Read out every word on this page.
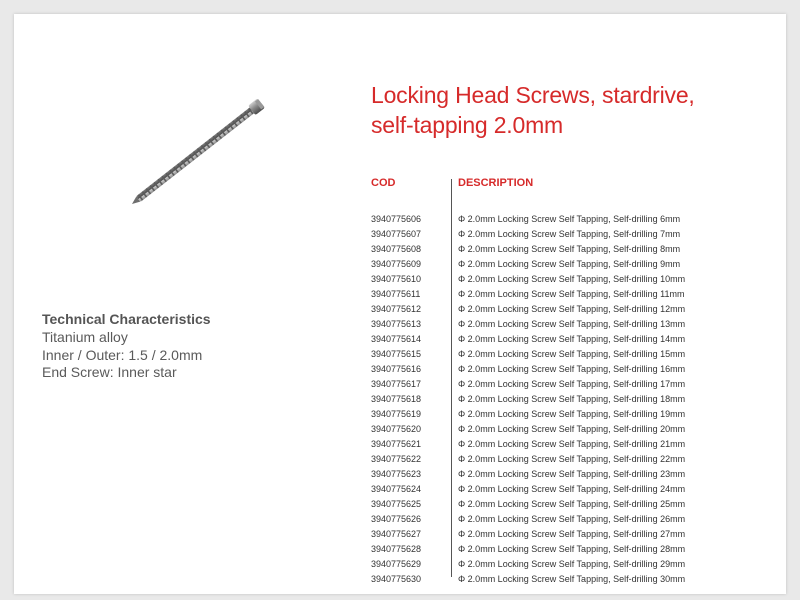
Technical Characteristics
Titanium alloy
Inner / Outer: 1.5 / 2.0mm
End Screw: Inner star
Locking Head Screws, stardrive,
self-tapping 2.0mm
COD	DESCRIPTION
3940775606	Φ 2.0mm Locking Screw Self Tapping, Self-drilling 6mm
3940775607	Φ 2.0mm Locking Screw Self Tapping, Self-drilling 7mm
3940775608	Φ 2.0mm Locking Screw Self Tapping, Self-drilling 8mm
3940775609	Φ 2.0mm Locking Screw Self Tapping, Self-drilling 9mm
3940775610	Φ 2.0mm Locking Screw Self Tapping, Self-drilling 10mm
3940775611	Φ 2.0mm Locking Screw Self Tapping, Self-drilling 11mm
3940775612	Φ 2.0mm Locking Screw Self Tapping, Self-drilling 12mm
3940775613	Φ 2.0mm Locking Screw Self Tapping, Self-drilling 13mm
3940775614	Φ 2.0mm Locking Screw Self Tapping, Self-drilling 14mm
3940775615	Φ 2.0mm Locking Screw Self Tapping, Self-drilling 15mm
3940775616	Φ 2.0mm Locking Screw Self Tapping, Self-drilling 16mm
3940775617	Φ 2.0mm Locking Screw Self Tapping, Self-drilling 17mm
3940775618	Φ 2.0mm Locking Screw Self Tapping, Self-drilling 18mm
3940775619	Φ 2.0mm Locking Screw Self Tapping, Self-drilling 19mm
3940775620	Φ 2.0mm Locking Screw Self Tapping, Self-drilling 20mm
3940775621	Φ 2.0mm Locking Screw Self Tapping, Self-drilling 21mm
3940775622	Φ 2.0mm Locking Screw Self Tapping, Self-drilling 22mm
3940775623	Φ 2.0mm Locking Screw Self Tapping, Self-drilling 23mm
3940775624	Φ 2.0mm Locking Screw Self Tapping, Self-drilling 24mm
3940775625	Φ 2.0mm Locking Screw Self Tapping, Self-drilling 25mm
3940775626	Φ 2.0mm Locking Screw Self Tapping, Self-drilling 26mm
3940775627	Φ 2.0mm Locking Screw Self Tapping, Self-drilling 27mm
3940775628	Φ 2.0mm Locking Screw Self Tapping, Self-drilling 28mm
3940775629	Φ 2.0mm Locking Screw Self Tapping, Self-drilling 29mm
3940775630	Φ 2.0mm Locking Screw Self Tapping, Self-drilling 30mm
